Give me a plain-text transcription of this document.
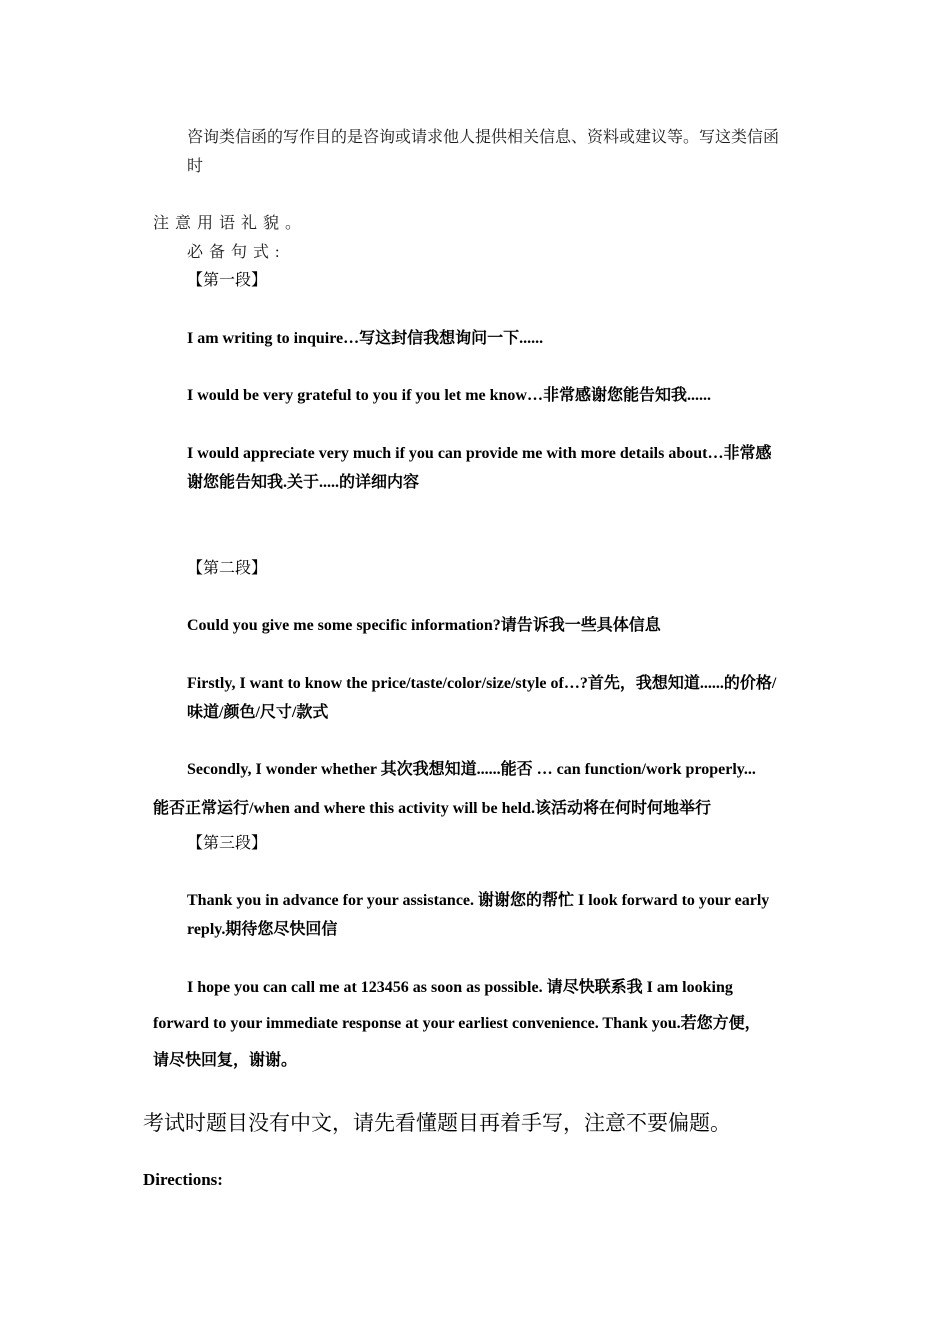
咨询类信函的写作目的是咨询或请求他人提供相关信息、资料或建议等。写这类信函
时
注意用语礼貌。
必备句式:
【第一段】
I am writing to inquire…写这封信我想询问一下......
I would be very grateful to you if you let me know…非常感谢您能告知我......
I would appreciate very much if you can provide me with more details about…非常感
谢您能告知我.关于.....的详细内容
【第二段】
Could you give me some specific information?请告诉我一些具体信息
Firstly, I want to know the price/taste/color/size/style of…?首先，我想知道......的价格/
味道/颜色/尺寸/款式
Secondly, I wonder whether 其次我想知道......能否 … can function/work properly...
能否正常运行/when and where this activity will be held.该活动将在何时何地举行
【第三段】
Thank you in advance for your assistance. 谢谢您的帮忙 I look forward to your early
reply.期待您尽快回信
I hope you can call me at 123456 as soon as possible. 请尽快联系我 I am looking
forward to your immediate response at your earliest convenience. Thank you.若您方便，
请尽快回复，谢谢。
考试时题目没有中文，请先看懂题目再着手写，注意不要偏题。
Directions:
